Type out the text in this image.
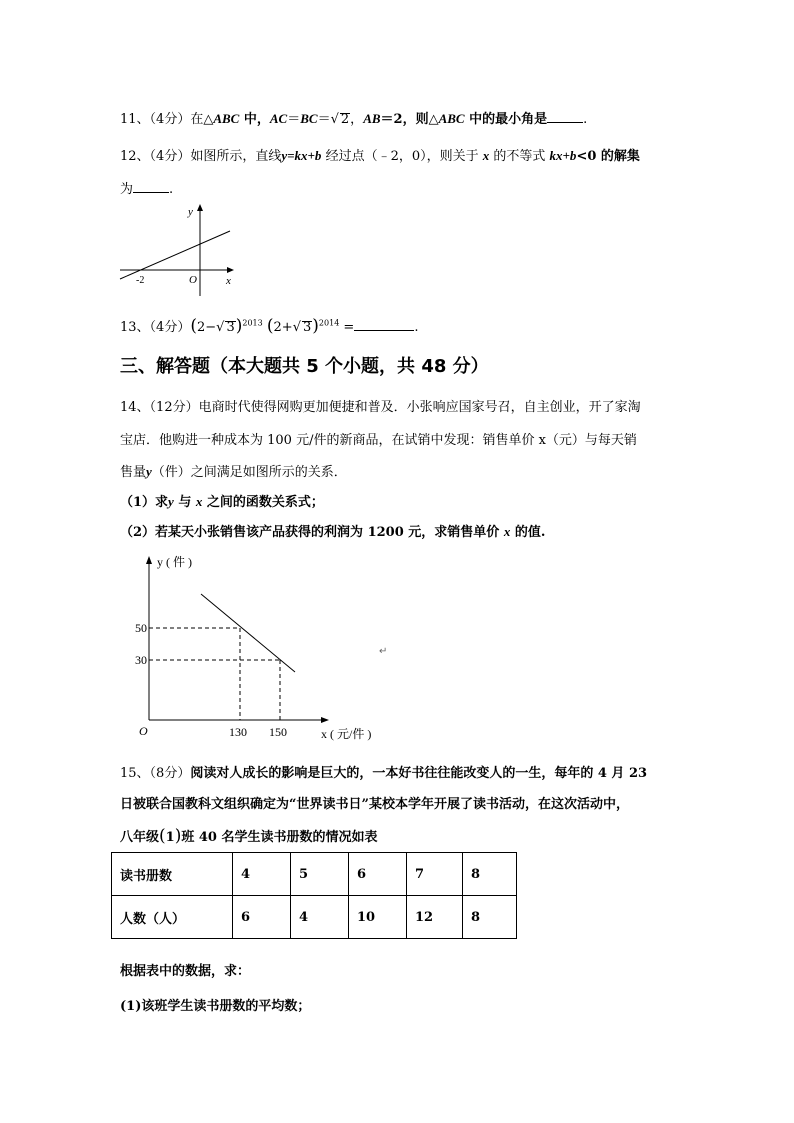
11、（4分）在△ABC 中，AC＝BC＝√ 2，AB＝2，则△ABC 中的最小角是	.
12、（4分）如图所示，直线y=kx+b 经过点（﹣2，0），则关于 x 的不等式 kx+b<0 的解集
为	.
y
x
O
-2
13、（4分）(2−√ 3)$^{2013}$ (2+√ 3)$^{2014}$ =	.
三、解答题（本大题共 5 个小题，共 48 分）
14、（12分）电商时代使得网购更加便捷和普及．小张响应国家号召，自主创业，开了家淘
宝店．他购进一种成本为 100 元/件的新商品，在试销中发现：销售单价 x（元）与每天销
售量y（件）之间满足如图所示的关系．
（1）求y 与 x 之间的函数关系式；
（2）若某天小张销售该产品获得的利润为 1200 元，求销售单价 x 的值.
y ( 件 )
x ( 元/件 )
O
50
30
130 150
↵
15、（8分）阅读对人成长的影响是巨大的，一本好书往往能改变人的一生，每年的 4 月 23
日被联合国教科文组织确定为“世界读书日”某校本学年开展了读书活动，在这次活动中，
八年级(1)班 40 名学生读书册数的情况如表
读书册数	4	5	6	7	8
人数（人）	6	4	10	12	8
根据表中的数据，求：
(1)该班学生读书册数的平均数；
